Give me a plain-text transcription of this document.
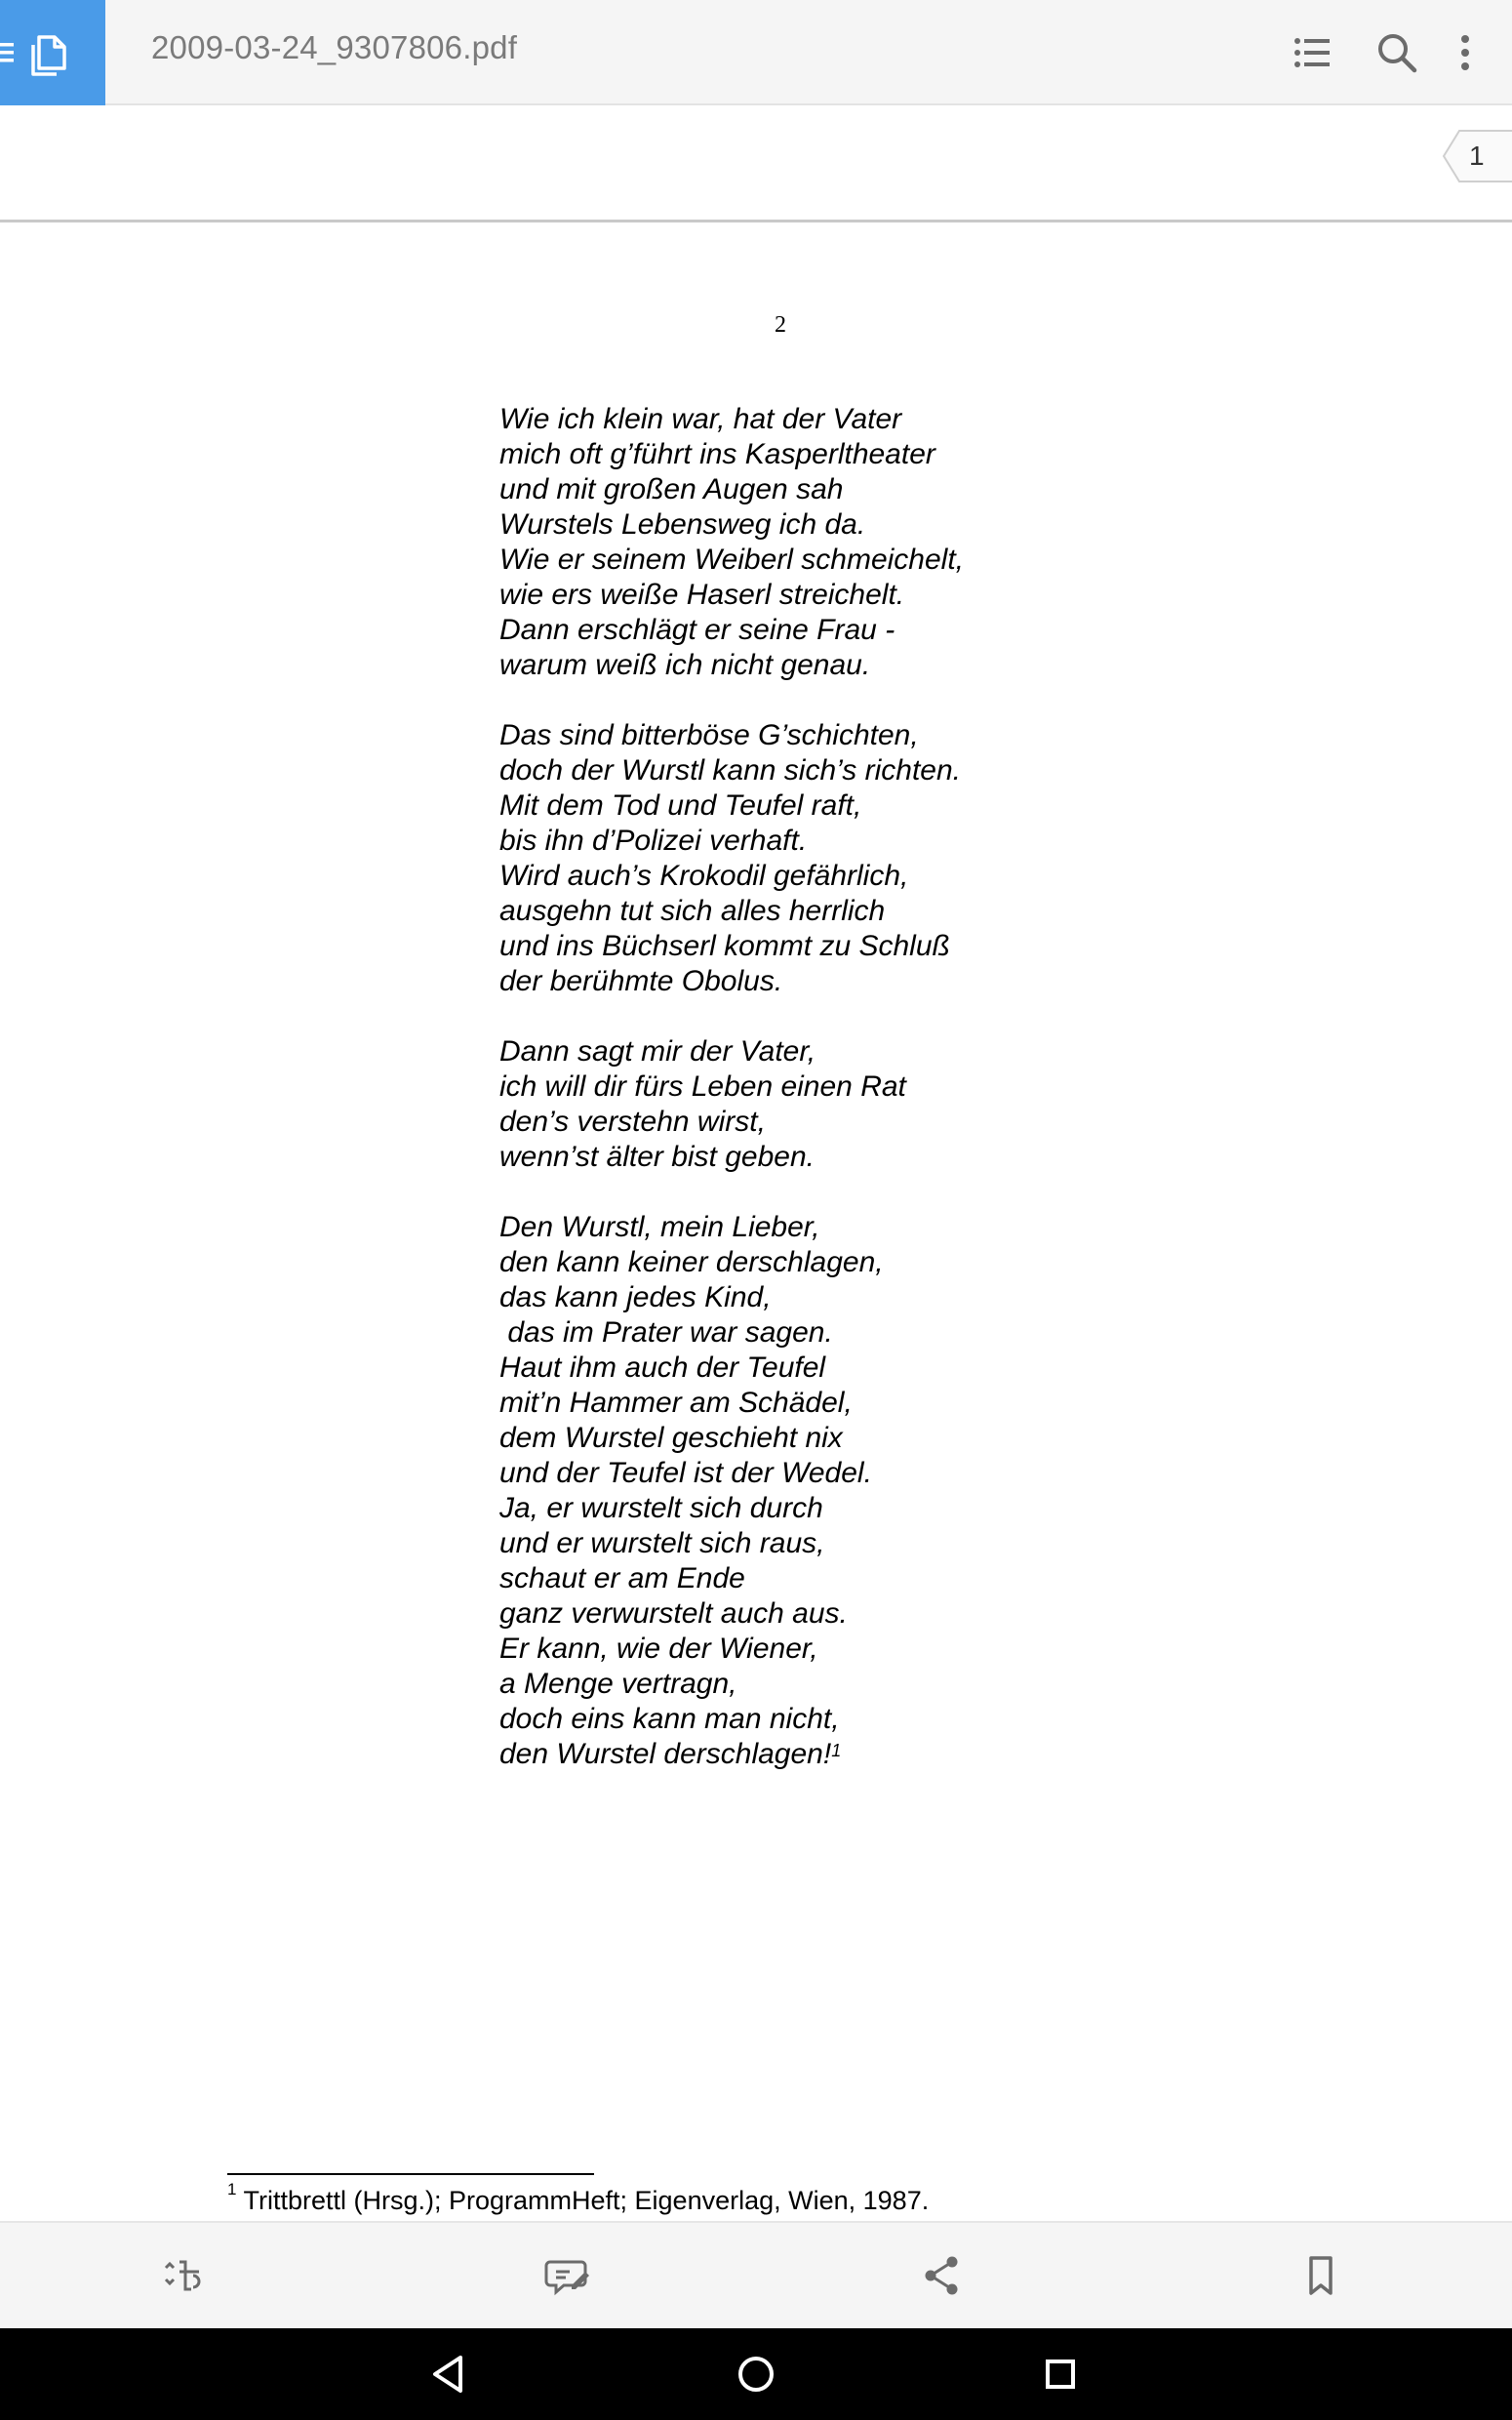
2009-03-24_9307806.pdf
1
2
Wie ich klein war, hat der Vater
mich oft g’führt ins Kasperltheater
und mit großen Augen sah
Wurstels Lebensweg ich da.
Wie er seinem Weiberl schmeichelt,
wie ers weiße Haserl streichelt.
Dann erschlägt er seine Frau -
warum weiß ich nicht genau.
Das sind bitterböse G’schichten,
doch der Wurstl kann sich’s richten.
Mit dem Tod und Teufel raft,
bis ihn d’Polizei verhaft.
Wird auch’s Krokodil gefährlich,
ausgehn tut sich alles herrlich
und ins Büchserl kommt zu Schluß
der berühmte Obolus.
Dann sagt mir der Vater,
ich will dir fürs Leben einen Rat
den’s verstehn wirst,
wenn’st älter bist geben.
Den Wurstl, mein Lieber,
den kann keiner derschlagen,
das kann jedes Kind,
das im Prater war sagen.
Haut ihm auch der Teufel
mit’n Hammer am Schädel,
dem Wurstel geschieht nix
und der Teufel ist der Wedel.
Ja, er wurstelt sich durch
und er wurstelt sich raus,
schaut er am Ende
ganz verwurstelt auch aus.
Er kann, wie der Wiener,
a Menge vertragn,
doch eins kann man nicht,
den Wurstel derschlagen!$^1$
$^1$ Trittbrettl (Hrsg.); ProgrammHeft; Eigenverlag, Wien, 1987.
